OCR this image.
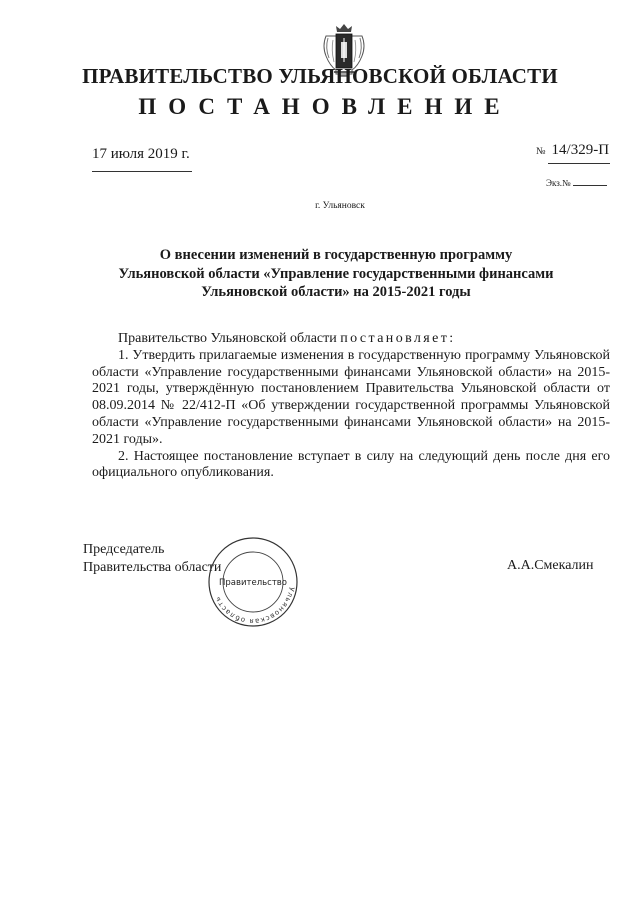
ПРАВИТЕЛЬСТВО УЛЬЯНОВСКОЙ ОБЛАСТИ
ПОСТАНОВЛЕНИЕ
17 июля 2019 г.	№ 14/329-П
Экз.№
г. Ульяновск
О внесении изменений в государственную программу
Ульяновской области «Управление государственными финансами
Ульяновской области» на 2015-2021 годы

Правительство Ульяновской области постановляет:

1. Утвердить прилагаемые изменения в государственную программу Ульяновской области «Управление государственными финансами Ульяновской области» на 2015-2021 годы, утверждённую постановлением Правительства Ульяновской области от 08.09.2014 № 22/412-П «Об утверждении государственной программы Ульяновской области «Управление государственными финансами Ульяновской области» на 2015-2021 годы».

2. Настоящее постановление вступает в силу на следующий день после дня его официального опубликования.

Председатель
Правительства области
Ульяновская область
Правительство
А.А.Смекалин
